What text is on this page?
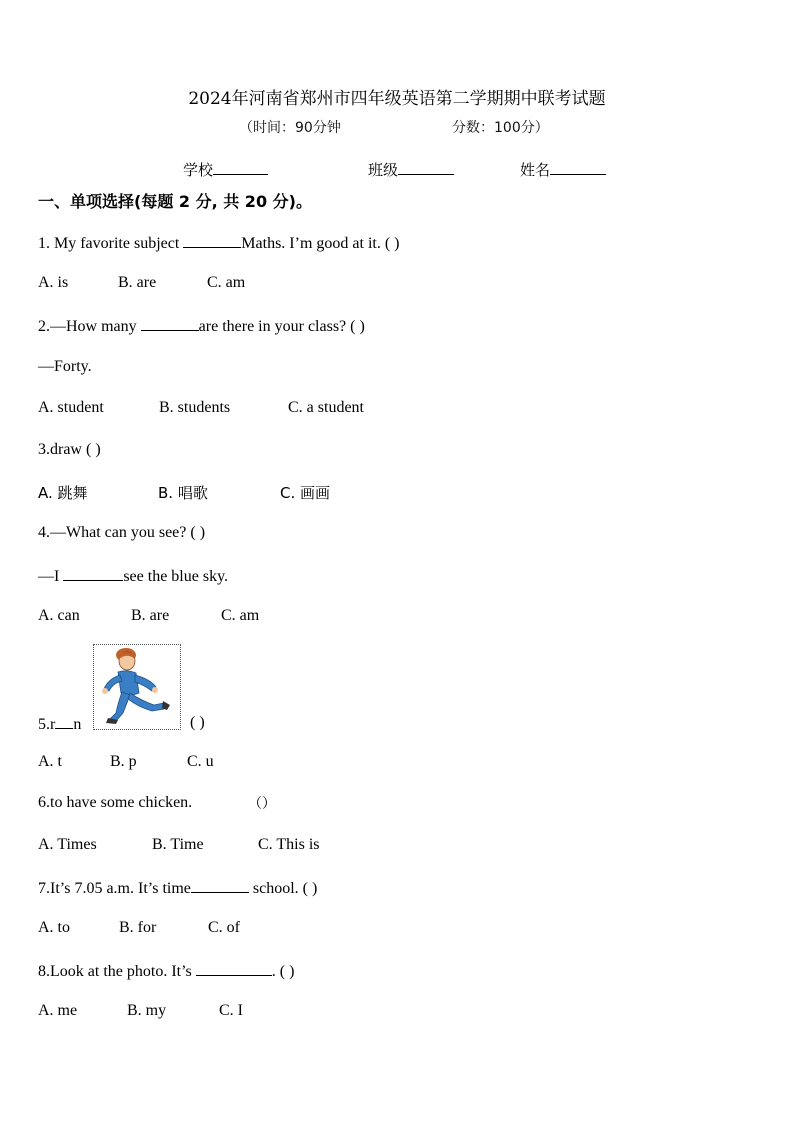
2024年河南省郑州市四年级英语第二学期期中联考试题
（时间：90分钟	分数：100分）
学校	班级	姓名
一、单项选择(每题 2 分, 共 20 分)。
1. My favorite subject	Maths. I’m good at it. ( )
A. is	B. are	C. am
2.—How many	are there in your class? ( )
—Forty.
A. student	B. students	C. a student
3.draw ( )
A. 跳舞	B. 唱歌	C. 画画
4.—What can you see? ( )
—I	see the blue sky.
A. can	B. are	C. am
5.r n	( )
A. t	B. p	C. u
6.to have some chicken.	（）
A. Times	B. Time	C. This is
7.It’s 7.05 a.m. It’s time	school. ( )
A. to	B. for	C. of
8.Look at the photo. It’s	. ( )
A. me	B. my	C. I
